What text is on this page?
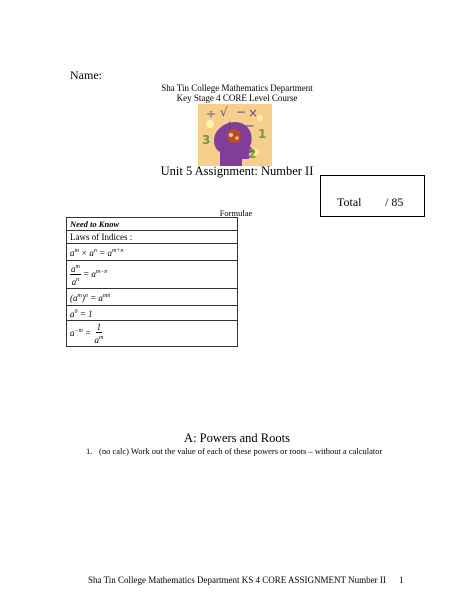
Name:
Sha Tin College Mathematics Department
Key Stage 4 CORE Level Course
÷ √ − ×
+ −
3	1
2
Unit 5 Assignment: Number II
Total / 85
Formulae
Need to Know
Laws of Indices :
$a^m \times a^n = a^{m+n}$

$\frac{a^m}{a^n} = a^{m-n}$
$(a^m)^n = a^{mn}$
$a^0 = 1$
$a^{-m} = \frac{1}{a^m}$
A: Powers and Roots
1. (no calc) Work out the value of each of these powers or roots – without a calculator
Sha Tin College Mathematics Department KS 4 CORE ASSIGNMENT Number II 1
